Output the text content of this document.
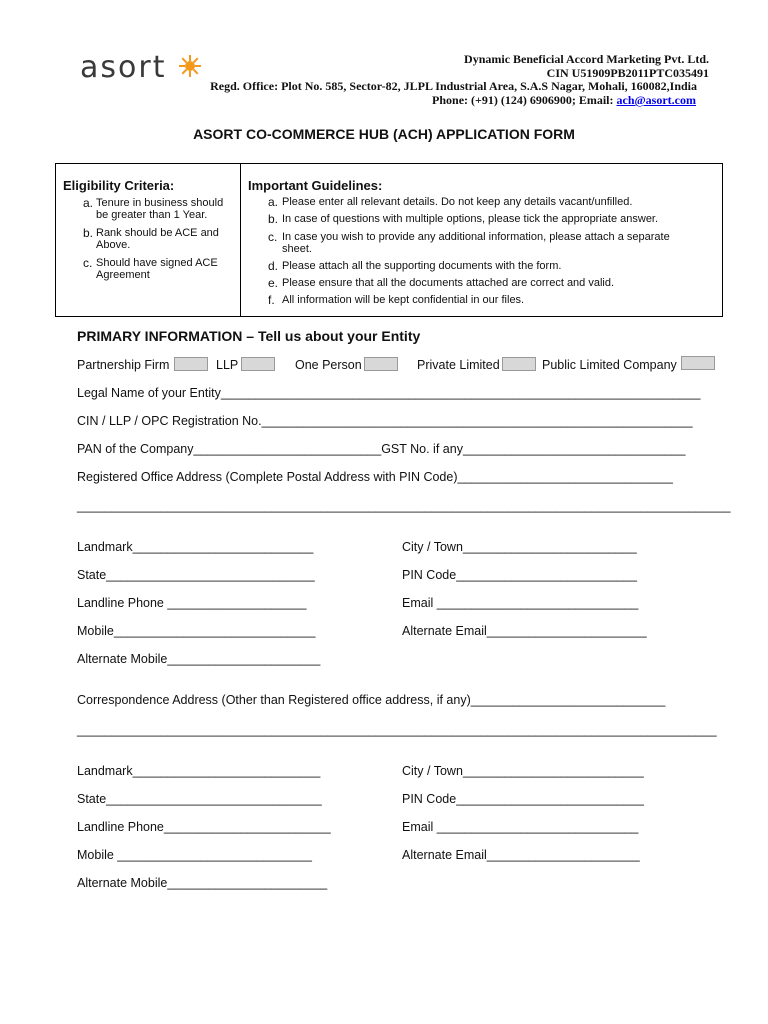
asort	Dynamic Beneficial Accord Marketing Pvt. Ltd.
CIN U51909PB2011PTC035491
Regd. Office: Plot No. 585, Sector-82, JLPL Industrial Area, S.A.S Nagar, Mohali, 160082,India
Phone: (+91) (124) 6906900; Email: ach@asort.com
ASORT CO-COMMERCE HUB (ACH) APPLICATION FORM
Eligibility Criteria:
a. Tenure in business should
be greater than 1 Year.
b. Rank should be ACE and
Above.
c. Should have signed ACE
Agreement
Important Guidelines:
a. Please enter all relevant details. Do not keep any details vacant/unfilled.
b. In case of questions with multiple options, please tick the appropriate answer.
c. In case you wish to provide any additional information, please attach a separate
sheet.
d. Please attach all the supporting documents with the form.
e. Please ensure that all the documents attached are correct and valid.
f. All information will be kept confidential in our files.
PRIMARY INFORMATION – Tell us about your Entity
Partnership Firm	LLP	One Person	Private Limited	Public Limited Company
Legal Name of your Entity_____________________________________________________________________
CIN / LLP / OPC Registration No.______________________________________________________________
PAN of the Company___________________________GST No. if any________________________________
Registered Office Address (Complete Postal Address with PIN Code)_______________________________
______________________________________________________________________________________________
Landmark__________________________	City / Town_________________________
State______________________________	PIN Code__________________________
Landline Phone ____________________	Email _____________________________
Mobile_____________________________	Alternate Email_______________________
Alternate Mobile______________________
Correspondence Address (Other than Registered office address, if any)____________________________
____________________________________________________________________________________________
Landmark___________________________	City / Town__________________________
State_______________________________	PIN Code___________________________
Landline Phone________________________	Email _____________________________
Mobile ____________________________	Alternate Email______________________
Alternate Mobile_______________________
